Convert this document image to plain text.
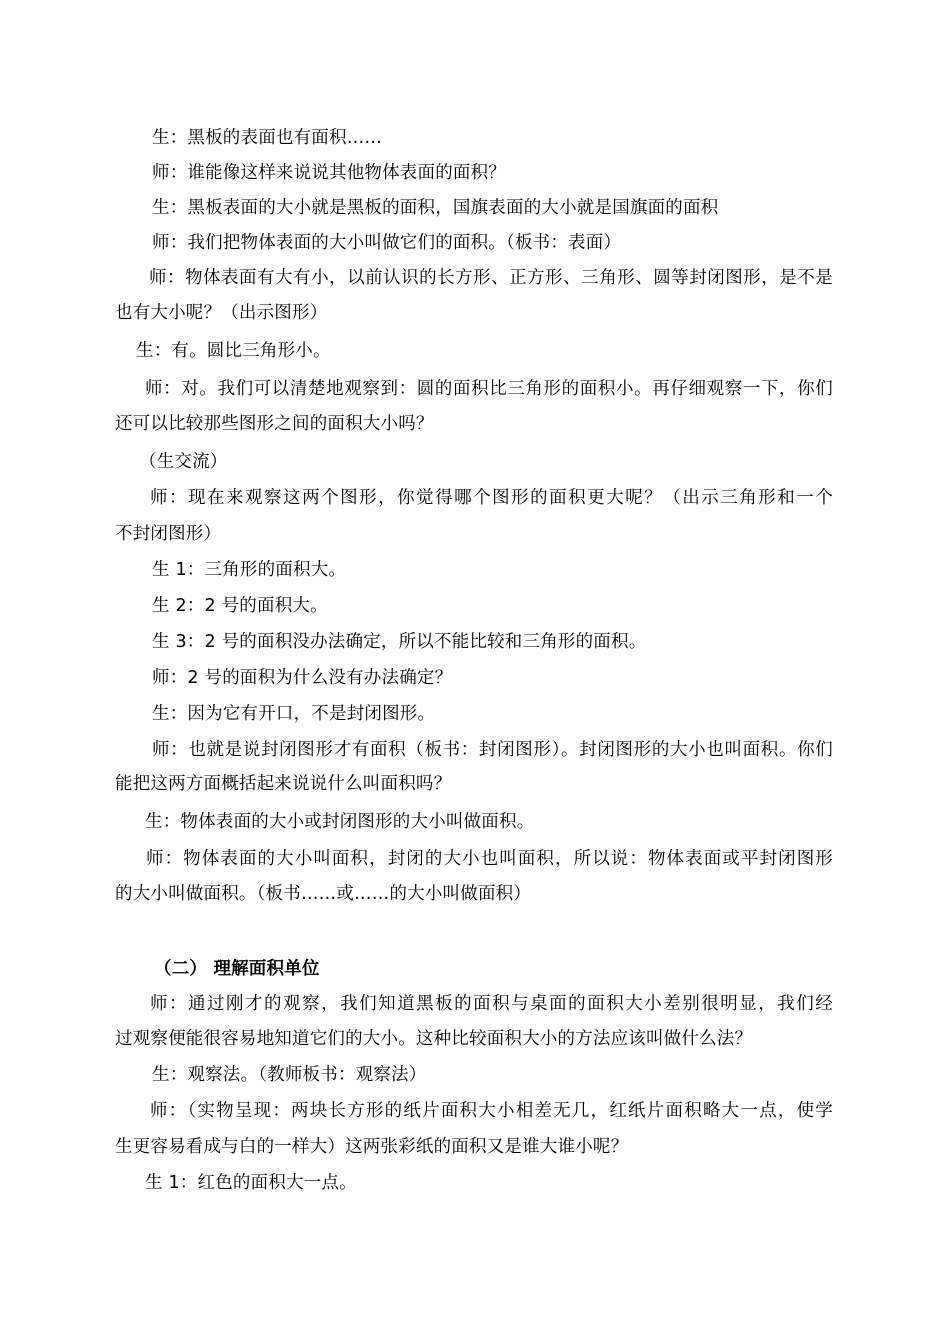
生：黑板的表面也有面积……
师：谁能像这样来说说其他物体表面的面积？
生：黑板表面的大小就是黑板的面积，国旗表面的大小就是国旗面的面积
师：我们把物体表面的大小叫做它们的面积。（板书：表面）
师：物体表面有大有小，以前认识的长方形、正方形、三角形、圆等封闭图形，是不是
也有大小呢？（出示图形）
生：有。圆比三角形小。
师：对。我们可以清楚地观察到：圆的面积比三角形的面积小。再仔细观察一下，你们
还可以比较那些图形之间的面积大小吗？
（生交流）
师：现在来观察这两个图形，你觉得哪个图形的面积更大呢？（出示三角形和一个
不封闭图形）
生 1：三角形的面积大。
生 2：2 号的面积大。
生 3：2 号的面积没办法确定，所以不能比较和三角形的面积。
师：2 号的面积为什么没有办法确定？
生：因为它有开口，不是封闭图形。
师：也就是说封闭图形才有面积（板书：封闭图形）。封闭图形的大小也叫面积。你们
能把这两方面概括起来说说什么叫面积吗？
生：物体表面的大小或封闭图形的大小叫做面积。
师：物体表面的大小叫面积，封闭的大小也叫面积，所以说：物体表面或平封闭图形
的大小叫做面积。（板书……或……的大小叫做面积）
（二） 理解面积单位
师：通过刚才的观察，我们知道黑板的面积与桌面的面积大小差别很明显，我们经
过观察便能很容易地知道它们的大小。这种比较面积大小的方法应该叫做什么法？
生：观察法。（教师板书：观察法）
师：（实物呈现：两块长方形的纸片面积大小相差无几，红纸片面积略大一点，使学
生更容易看成与白的一样大）这两张彩纸的面积又是谁大谁小呢？
生 1：红色的面积大一点。
